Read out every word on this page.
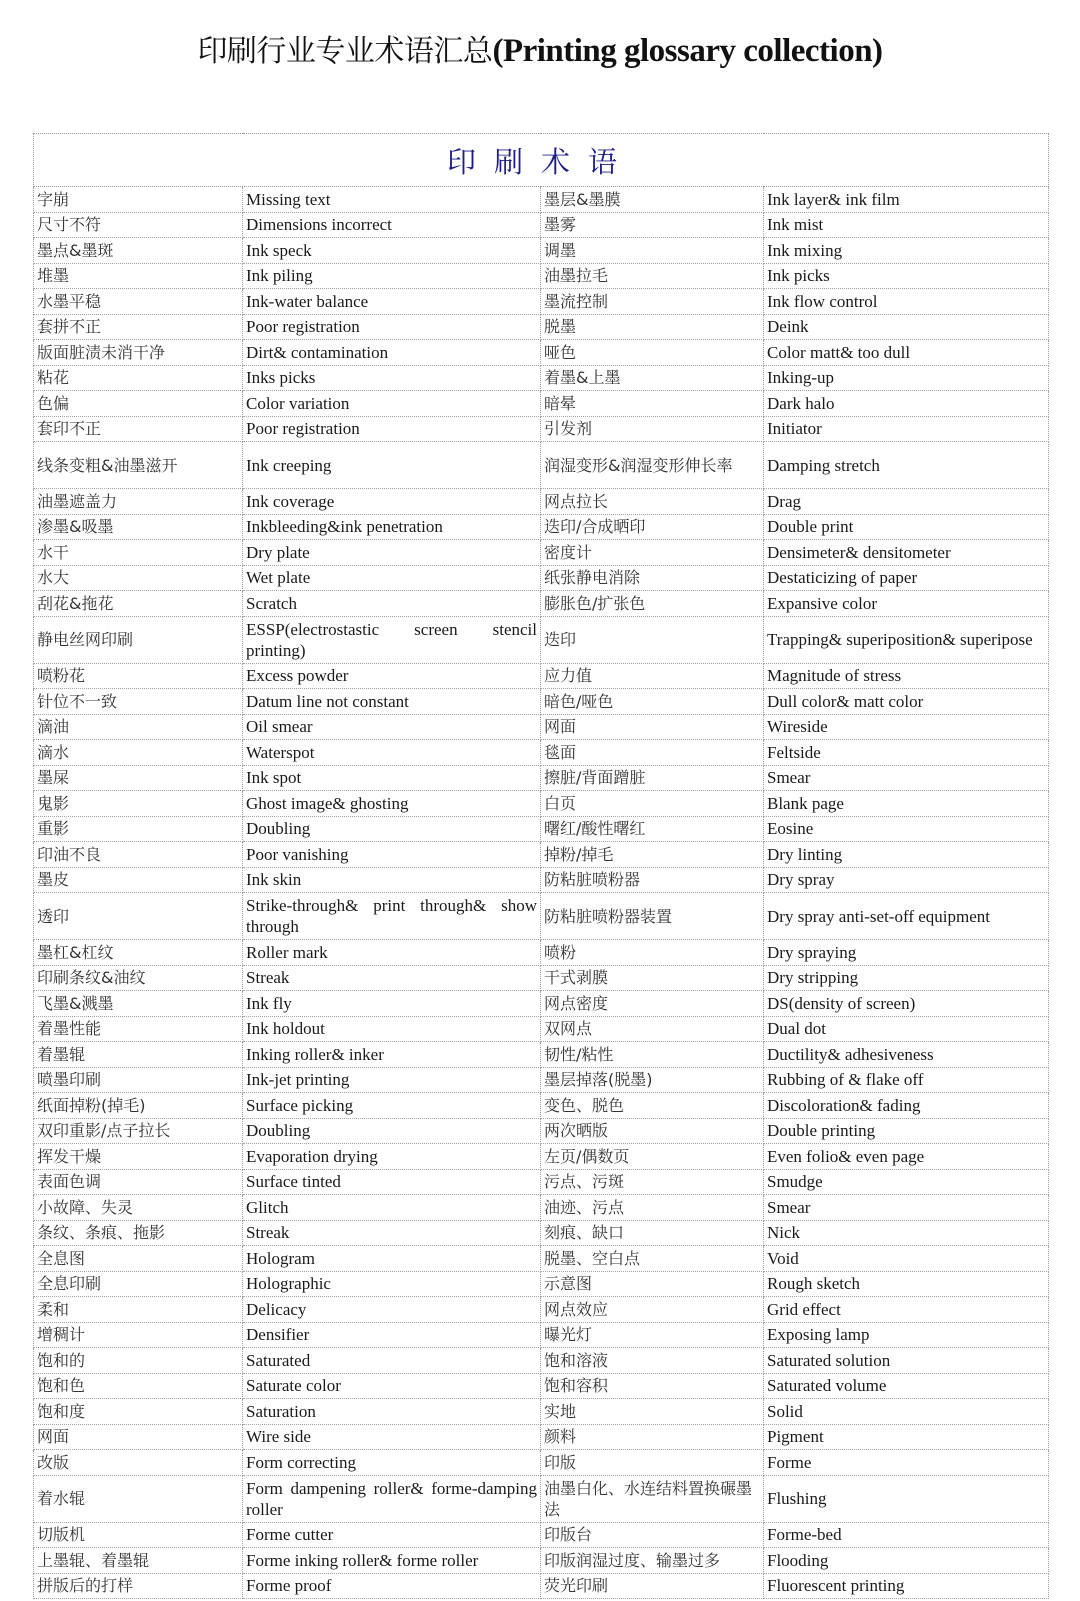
印刷行业专业术语汇总(Printing glossary collection)
印刷术语			
字崩	Missing text	墨层&墨膜	Ink layer& ink film
尺寸不符	Dimensions incorrect	墨雾	Ink mist
墨点&墨斑	Ink speck	调墨	Ink mixing
堆墨	Ink piling	油墨拉毛	Ink picks
水墨平稳	Ink-water balance	墨流控制	Ink flow control
套拼不正	Poor registration	脱墨	Deink
版面脏渍未消干净	Dirt& contamination	哑色	Color matt& too dull
粘花	Inks picks	着墨&上墨	Inking-up
色偏	Color variation	暗晕	Dark halo
套印不正	Poor registration	引发剂	Initiator
线条变粗&油墨滋开	Ink creeping	润湿变形&润湿变形伸长率	Damping stretch
油墨遮盖力	Ink coverage	网点拉长	Drag
渗墨&吸墨	Inkbleeding&ink penetration	迭印/合成晒印	Double print
水干	Dry plate	密度计	Densimeter& densitometer
水大	Wet plate	纸张静电消除	Destaticizing of paper
刮花&拖花	Scratch	膨胀色/扩张色	Expansive color
静电丝网印刷	ESSP(electrostastic screen stencil printing)	迭印	Trapping& superiposition& superipose
喷粉花	Excess powder	应力值	Magnitude of stress
针位不一致	Datum line not constant	暗色/哑色	Dull color& matt color
滴油	Oil smear	网面	Wireside
滴水	Waterspot	毯面	Feltside
墨屎	Ink spot	擦脏/背面蹭脏	Smear
鬼影	Ghost image& ghosting	白页	Blank page
重影	Doubling	曙红/酸性曙红	Eosine
印油不良	Poor vanishing	掉粉/掉毛	Dry linting
墨皮	Ink skin	防粘脏喷粉器	Dry spray
透印	Strike-through& print through& show through	防粘脏喷粉器装置	Dry spray anti-set-off equipment
墨杠&杠纹	Roller mark	喷粉	Dry spraying
印刷条纹&油纹	Streak	干式剥膜	Dry stripping
飞墨&溅墨	Ink fly	网点密度	DS(density of screen)
着墨性能	Ink holdout	双网点	Dual dot
着墨辊	Inking roller& inker	韧性/粘性	Ductility& adhesiveness
喷墨印刷	Ink-jet printing	墨层掉落(脱墨)	Rubbing of & flake off
纸面掉粉(掉毛)	Surface picking	变色、脱色	Discoloration& fading
双印重影/点子拉长	Doubling	两次晒版	Double printing
挥发干燥	Evaporation drying	左页/偶数页	Even folio& even page
表面色调	Surface tinted	污点、污斑	Smudge
小故障、失灵	Glitch	油迹、污点	Smear
条纹、条痕、拖影	Streak	刻痕、缺口	Nick
全息图	Hologram	脱墨、空白点	Void
全息印刷	Holographic	示意图	Rough sketch
柔和	Delicacy	网点效应	Grid effect
增稠计	Densifier	曝光灯	Exposing lamp
饱和的	Saturated	饱和溶液	Saturated solution
饱和色	Saturate color	饱和容积	Saturated volume
饱和度	Saturation	实地	Solid
网面	Wire side	颜料	Pigment
改版	Form correcting	印版	Forme
着水辊	Form dampening roller& forme-damping roller	油墨白化、水连结料置换碾墨法	Flushing
切版机	Forme cutter	印版台	Forme-bed
上墨辊、着墨辊	Forme inking roller& forme roller	印版润湿过度、输墨过多	Flooding
拼版后的打样	Forme proof	荧光印刷	Fluorescent printing
